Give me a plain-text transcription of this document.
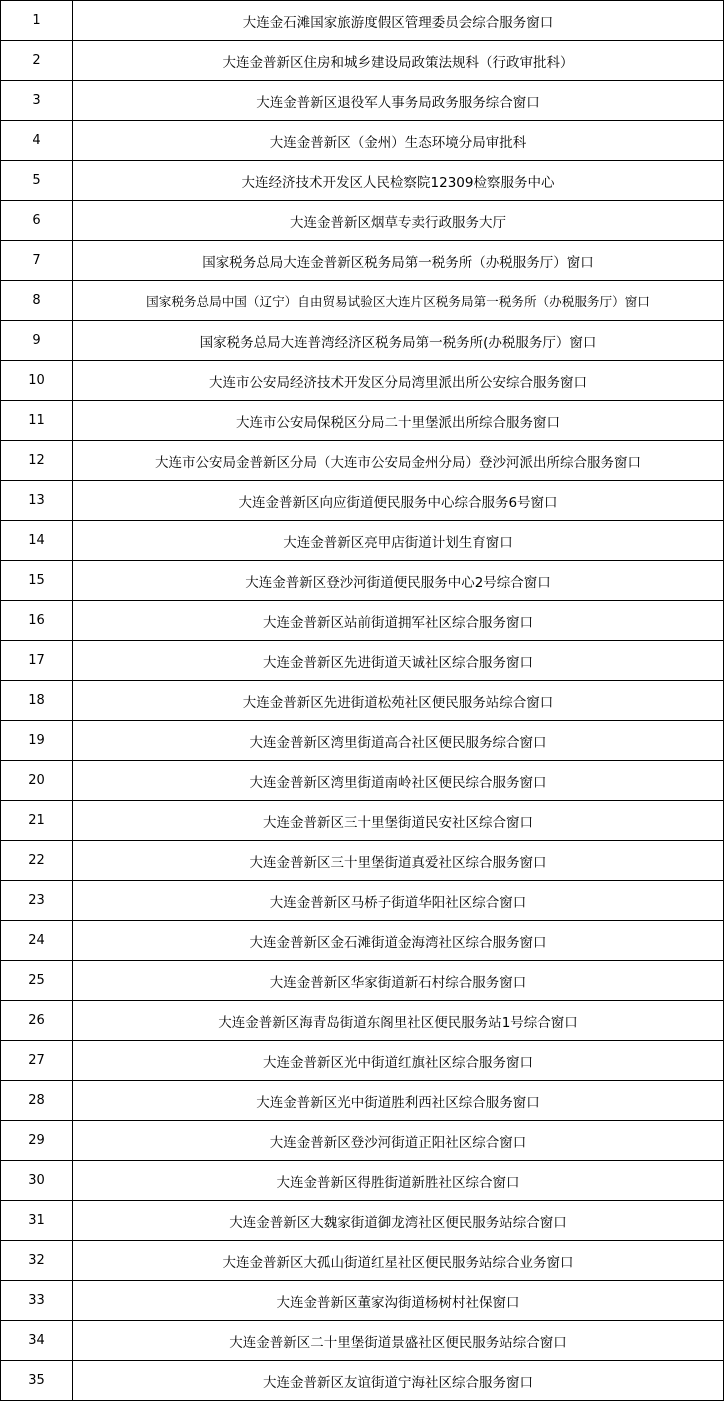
1	大连金石滩国家旅游度假区管理委员会综合服务窗口
2	大连金普新区住房和城乡建设局政策法规科（行政审批科）
3	大连金普新区退役军人事务局政务服务综合窗口
4	大连金普新区（金州）生态环境分局审批科
5	大连经济技术开发区人民检察院12309检察服务中心
6	大连金普新区烟草专卖行政服务大厅
7	国家税务总局大连金普新区税务局第一税务所（办税服务厅）窗口
8	国家税务总局中国（辽宁）自由贸易试验区大连片区税务局第一税务所（办税服务厅）窗口
9	国家税务总局大连普湾经济区税务局第一税务所(办税服务厅）窗口
10	大连市公安局经济技术开发区分局湾里派出所公安综合服务窗口
11	大连市公安局保税区分局二十里堡派出所综合服务窗口
12	大连市公安局金普新区分局（大连市公安局金州分局）登沙河派出所综合服务窗口
13	大连金普新区向应街道便民服务中心综合服务6号窗口
14	大连金普新区亮甲店街道计划生育窗口
15	大连金普新区登沙河街道便民服务中心2号综合窗口
16	大连金普新区站前街道拥军社区综合服务窗口
17	大连金普新区先进街道天诚社区综合服务窗口
18	大连金普新区先进街道松苑社区便民服务站综合窗口
19	大连金普新区湾里街道高合社区便民服务综合窗口
20	大连金普新区湾里街道南岭社区便民综合服务窗口
21	大连金普新区三十里堡街道民安社区综合窗口
22	大连金普新区三十里堡街道真爱社区综合服务窗口
23	大连金普新区马桥子街道华阳社区综合窗口
24	大连金普新区金石滩街道金海湾社区综合服务窗口
25	大连金普新区华家街道新石村综合服务窗口
26	大连金普新区海青岛街道东阁里社区便民服务站1号综合窗口
27	大连金普新区光中街道红旗社区综合服务窗口
28	大连金普新区光中街道胜利西社区综合服务窗口
29	大连金普新区登沙河街道正阳社区综合窗口
30	大连金普新区得胜街道新胜社区综合窗口
31	大连金普新区大魏家街道御龙湾社区便民服务站综合窗口
32	大连金普新区大孤山街道红星社区便民服务站综合业务窗口
33	大连金普新区董家沟街道杨树村社保窗口
34	大连金普新区二十里堡街道景盛社区便民服务站综合窗口
35	大连金普新区友谊街道宁海社区综合服务窗口
